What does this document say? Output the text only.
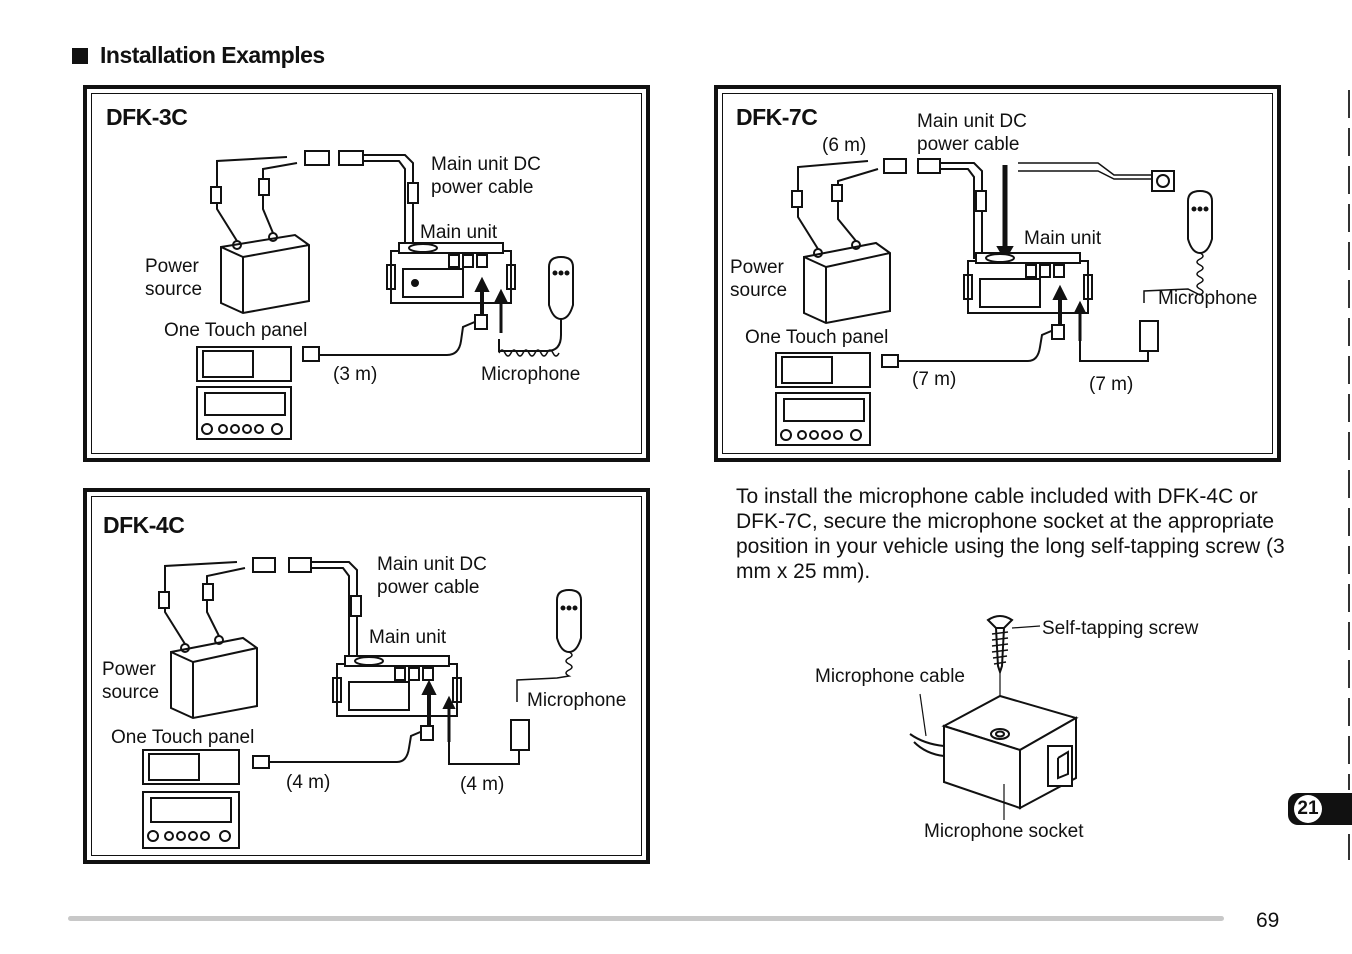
Installation Examples
DFK-3C
Main unit DC
power cable
Main unit
Power
source
One Touch panel
(3 m)	Microphone
DFK-7C
(6 m)
Main unit DC
power cable
Main unit
Power
source	Microphone
One Touch panel
(7 m)	(7 m)
DFK-4C
Main unit DC
power cable
Main unit
Power
source	Microphone
One Touch panel
(4 m)	(4 m)
To install the microphone cable included with DFK-4C or DFK-7C, secure the microphone socket at the appropriate position in your vehicle using the long self-tapping screw (3 mm x 25 mm).
Self-tapping screw
Microphone cable
Microphone socket
21
69
